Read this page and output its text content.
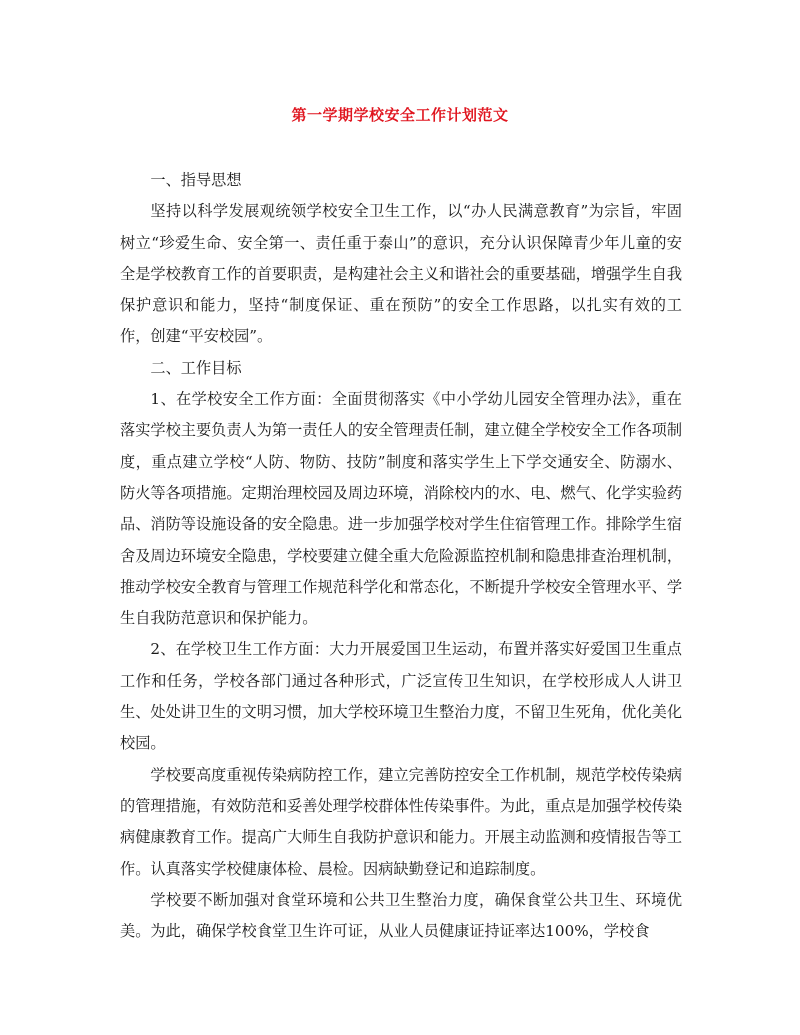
第一学期学校安全工作计划范文

一、指导思想

坚持以科学发展观统领学校安全卫生工作，以“办人民满意教育”为宗旨，牢固树立“珍爱生命、安全第一、责任重于泰山”的意识，充分认识保障青少年儿童的安全是学校教育工作的首要职责，是构建社会主义和谐社会的重要基础，增强学生自我保护意识和能力，坚持“制度保证、重在预防”的安全工作思路，以扎实有效的工作，创建“平安校园”。

二、工作目标

1、在学校安全工作方面：全面贯彻落实《中小学幼儿园安全管理办法》，重在落实学校主要负责人为第一责任人的安全管理责任制，建立健全学校安全工作各项制度，重点建立学校“人防、物防、技防”制度和落实学生上下学交通安全、防溺水、防火等各项措施。定期治理校园及周边环境，消除校内的水、电、燃气、化学实验药品、消防等设施设备的安全隐患。进一步加强学校对学生住宿管理工作。排除学生宿舍及周边环境安全隐患，学校要建立健全重大危险源监控机制和隐患排查治理机制，推动学校安全教育与管理工作规范科学化和常态化，不断提升学校安全管理水平、学生自我防范意识和保护能力。

2、在学校卫生工作方面：大力开展爱国卫生运动，布置并落实好爱国卫生重点工作和任务，学校各部门通过各种形式，广泛宣传卫生知识，在学校形成人人讲卫生、处处讲卫生的文明习惯，加大学校环境卫生整治力度，不留卫生死角，优化美化校园。

学校要高度重视传染病防控工作，建立完善防控安全工作机制，规范学校传染病的管理措施，有效防范和妥善处理学校群体性传染事件。为此，重点是加强学校传染病健康教育工作。提高广大师生自我防护意识和能力。开展主动监测和疫情报告等工作。认真落实学校健康体检、晨检。因病缺勤登记和追踪制度。

学校要不断加强对食堂环境和公共卫生整治力度，确保食堂公共卫生、环境优美。为此，确保学校食堂卫生许可证，从业人员健康证持证率达100%，学校食
